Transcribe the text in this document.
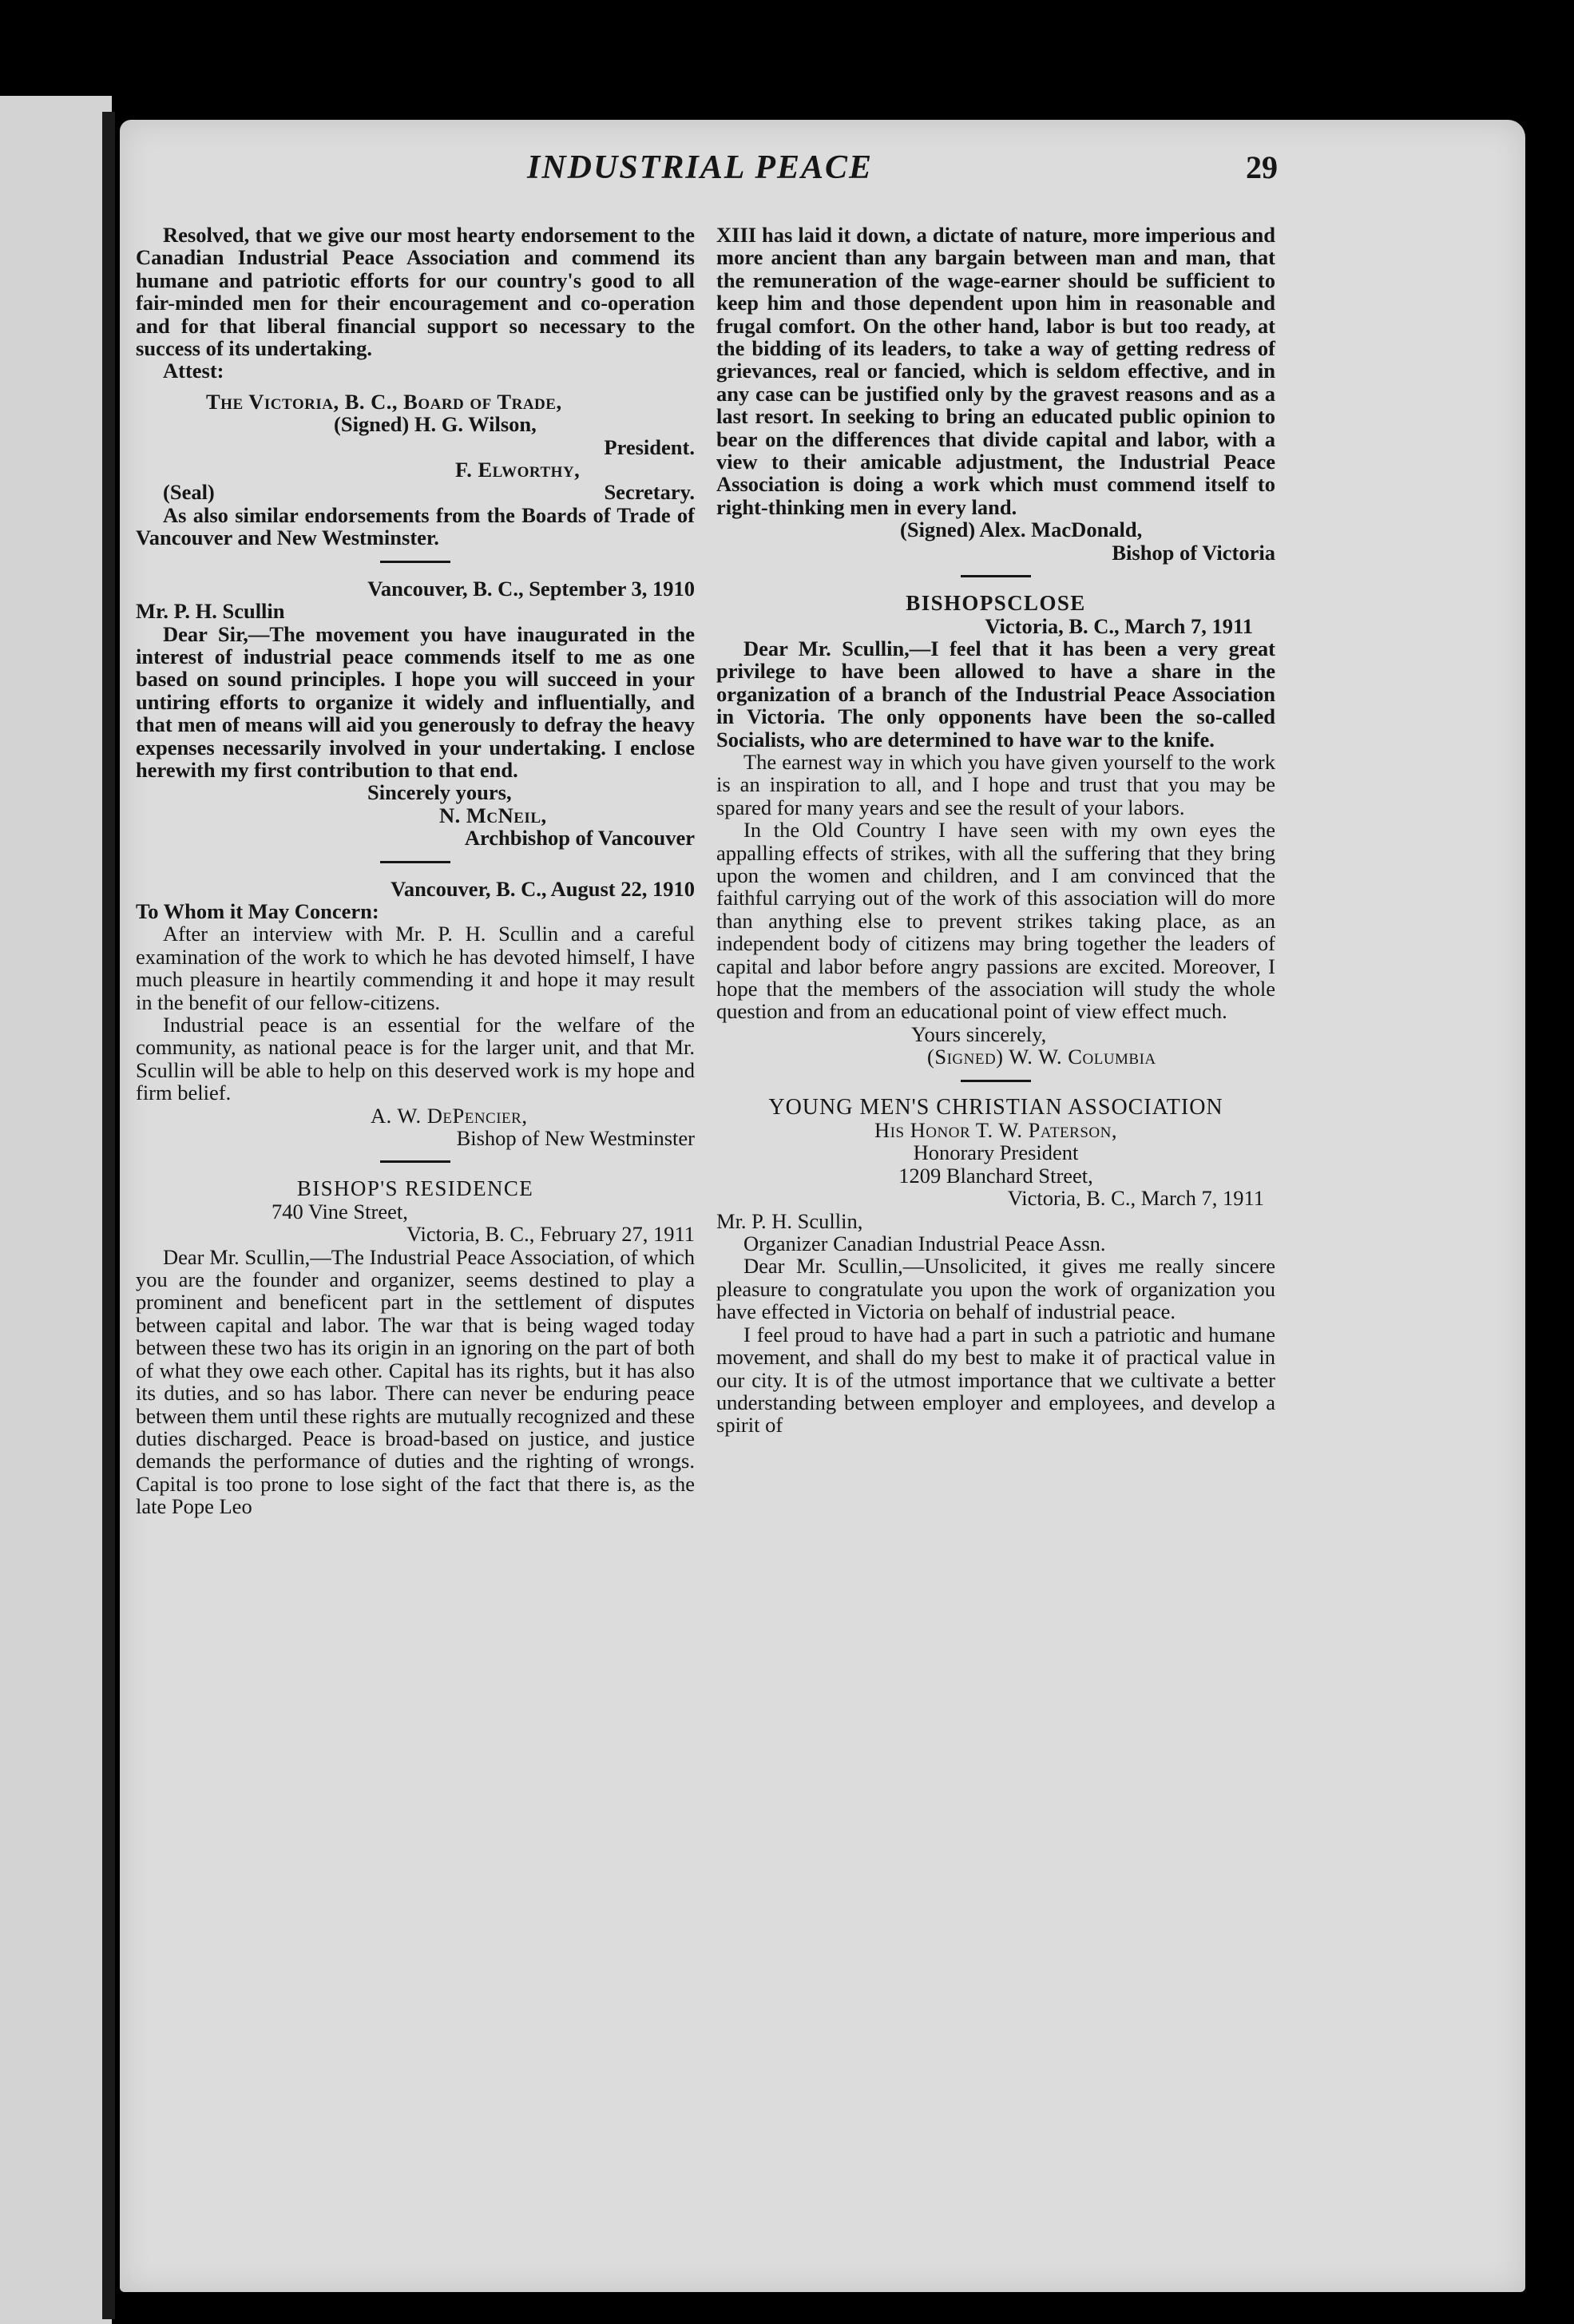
INDUSTRIAL PEACE	29

Resolved, that we give our most hearty endorsement to the Canadian Industrial Peace Association and commend its humane and patriotic efforts for our country's good to all fair-minded men for their encouragement and co-operation and for that liberal financial support so necessary to the success of its undertaking.

Attest:
The Victoria, B. C., Board of Trade,
(Signed) H. G. Wilson,
President.
F. Elworthy,
(Seal)	Secretary.

As also similar endorsements from the Boards of Trade of Vancouver and New Westminster.

Vancouver, B. C., September 3, 1910
Mr. P. H. Scullin

Dear Sir,—The movement you have inaugurated in the interest of industrial peace commends itself to me as one based on sound principles. I hope you will succeed in your untiring efforts to organize it widely and influentially, and that men of means will aid you generously to defray the heavy expenses necessarily involved in your undertaking. I enclose herewith my first contribution to that end.

Sincerely yours,
N. McNeil,
Archbishop of Vancouver
Vancouver, B. C., August 22, 1910
To Whom it May Concern:

After an interview with Mr. P. H. Scullin and a careful examination of the work to which he has devoted himself, I have much pleasure in heartily commending it and hope it may result in the benefit of our fellow-citizens.

Industrial peace is an essential for the welfare of the community, as national peace is for the larger unit, and that Mr. Scullin will be able to help on this deserved work is my hope and firm belief.

A. W. DePencier,
Bishop of New Westminster
BISHOP'S RESIDENCE
740 Vine Street,
Victoria, B. C., February 27, 1911

Dear Mr. Scullin,—The Industrial Peace Association, of which you are the founder and organizer, seems destined to play a prominent and beneficent part in the settlement of disputes between capital and labor. The war that is being waged today between these two has its origin in an ignoring on the part of both of what they owe each other. Capital has its rights, but it has also its duties, and so has labor. There can never be enduring peace between them until these rights are mutually recognized and these duties discharged. Peace is broad-based on justice, and justice demands the performance of duties and the righting of wrongs. Capital is too prone to lose sight of the fact that there is, as the late Pope Leo

XIII has laid it down, a dictate of nature, more imperious and more ancient than any bargain between man and man, that the remuneration of the wage-earner should be sufficient to keep him and those dependent upon him in reasonable and frugal comfort. On the other hand, labor is but too ready, at the bidding of its leaders, to take a way of getting redress of grievances, real or fancied, which is seldom effective, and in any case can be justified only by the gravest reasons and as a last resort. In seeking to bring an educated public opinion to bear on the differences that divide capital and labor, with a view to their amicable adjustment, the Industrial Peace Association is doing a work which must commend itself to right-thinking men in every land.

(Signed) Alex. MacDonald,
Bishop of Victoria
BISHOPSCLOSE
Victoria, B. C., March 7, 1911

Dear Mr. Scullin,—I feel that it has been a very great privilege to have been allowed to have a share in the organization of a branch of the Industrial Peace Association in Victoria. The only opponents have been the so-called Socialists, who are determined to have war to the knife.

The earnest way in which you have given yourself to the work is an inspiration to all, and I hope and trust that you may be spared for many years and see the result of your labors.

In the Old Country I have seen with my own eyes the appalling effects of strikes, with all the suffering that they bring upon the women and children, and I am convinced that the faithful carrying out of the work of this association will do more than anything else to prevent strikes taking place, as an independent body of citizens may bring together the leaders of capital and labor before angry passions are excited. Moreover, I hope that the members of the association will study the whole question and from an educational point of view effect much.

Yours sincerely,
(Signed) W. W. Columbia
YOUNG MEN'S CHRISTIAN ASSOCIATION
His Honor T. W. Paterson,
Honorary President
1209 Blanchard Street,
Victoria, B. C., March 7, 1911
Mr. P. H. Scullin,
Organizer Canadian Industrial Peace Assn.

Dear Mr. Scullin,—Unsolicited, it gives me really sincere pleasure to congratulate you upon the work of organization you have effected in Victoria on behalf of industrial peace.

I feel proud to have had a part in such a patriotic and humane movement, and shall do my best to make it of practical value in our city. It is of the utmost importance that we cultivate a better understanding between employer and employees, and develop a spirit of
